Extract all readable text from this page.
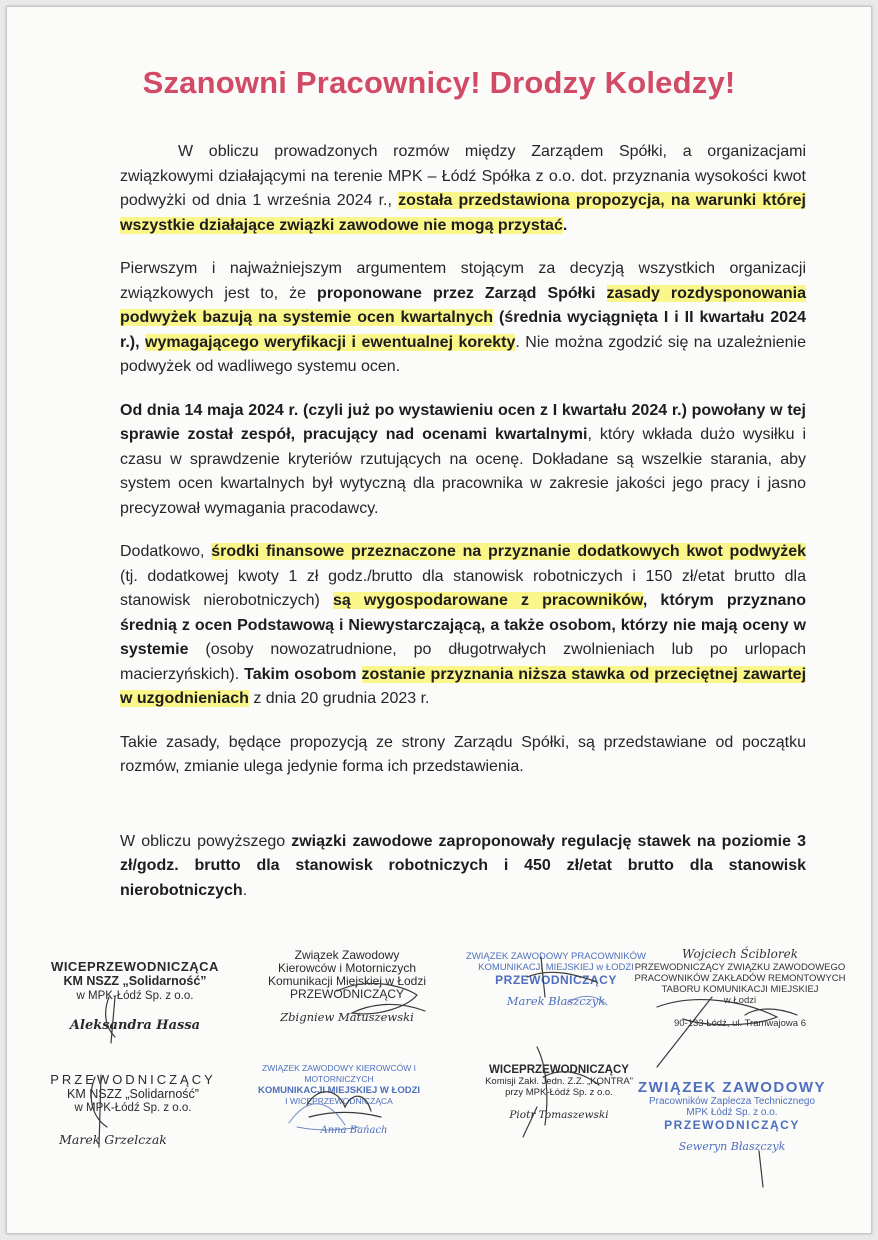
Szanowni Pracownicy! Drodzy Koledzy!

W obliczu prowadzonych rozmów między Zarządem Spółki, a organizacjami związkowymi działającymi na terenie MPK – Łódź Spółka z o.o. dot. przyznania wysokości kwot podwyżki od dnia 1 września 2024 r., została przedstawiona propozycja, na warunki której wszystkie działające związki zawodowe nie mogą przystać.

Pierwszym i najważniejszym argumentem stojącym za decyzją wszystkich organizacji związkowych jest to, że proponowane przez Zarząd Spółki zasady rozdysponowania podwyżek bazują na systemie ocen kwartalnych (średnia wyciągnięta I i II kwartału 2024 r.), wymagającego weryfikacji i ewentualnej korekty. Nie można zgodzić się na uzależnienie podwyżek od wadliwego systemu ocen.

Od dnia 14 maja 2024 r. (czyli już po wystawieniu ocen z I kwartału 2024 r.) powołany w tej sprawie został zespół, pracujący nad ocenami kwartalnymi, który wkłada dużo wysiłku i czasu w sprawdzenie kryteriów rzutujących na ocenę. Dokładane są wszelkie starania, aby system ocen kwartalnych był wytyczną dla pracownika w zakresie jakości jego pracy i jasno precyzował wymagania pracodawcy.

Dodatkowo, środki finansowe przeznaczone na przyznanie dodatkowych kwot podwyżek (tj. dodatkowej kwoty 1 zł godz./brutto dla stanowisk robotniczych i 150 zł/etat brutto dla stanowisk nierobotniczych) są wygospodarowane z pracowników, którym przyznano średnią z ocen Podstawową i Niewystarczającą, a także osobom, którzy nie mają oceny w systemie (osoby nowozatrudnione, po długotrwałych zwolnieniach lub po urlopach macierzyńskich). Takim osobom zostanie przyznania niższa stawka od przeciętnej zawartej w uzgodnieniach z dnia 20 grudnia 2023 r.

Takie zasady, będące propozycją ze strony Zarządu Spółki, są przedstawiane od początku rozmów, zmianie ulega jedynie forma ich przedstawienia.

W obliczu powyższego związki zawodowe zaproponowały regulację stawek na poziomie 3 zł/godz. brutto dla stanowisk robotniczych i 450 zł/etat brutto dla stanowisk nierobotniczych.

WICEPRZEWODNICZĄCA
KM NSZZ „Solidarność”
w MPK-Łódź Sp. z o.o.
Aleksandra Hassa
Związek Zawodowy
Kierowców i Motorniczych
Komunikacji Miejskiej w Łodzi
PRZEWODNICZĄCY
Zbigniew Matuszewski
ZWIĄZEK ZAWODOWY PRACOWNIKÓW
KOMUNIKACJI MIEJSKIEJ w ŁODZI
PRZEWODNICZĄCY
Marek Błaszczyk
Wojciech Ściblorek
PRZEWODNICZĄCY ZWIĄZKU ZAWODOWEGO
PRACOWNIKÓW ZAKŁADÓW REMONTOWYCH
TABORU KOMUNIKACJI MIEJSKIEJ
w Łodzi
90-133 Łódź, ul. Tramwajowa 6
PRZEWODNICZĄCY
KM NSZZ „Solidarność”
w MPK-Łódź Sp. z o.o.
Marek Grzelczak
ZWIĄZEK ZAWODOWY KIEROWCÓW I MOTORNICZYCH
KOMUNIKACJI MIEJSKIEJ W ŁODZI
I WICEPRZEWODNICZĄCA
Anna Bańach
WICEPRZEWODNICZĄCY
Komisji Zakł. Jedn. Z.Z. „KONTRA”
przy MPK-Łódź Sp. z o.o.
Piotr Tomaszewski
ZWIĄZEK ZAWODOWY
Pracowników Zaplecza Technicznego
MPK Łódź Sp. z o.o.
PRZEWODNICZĄCY
Seweryn Błaszczyk
